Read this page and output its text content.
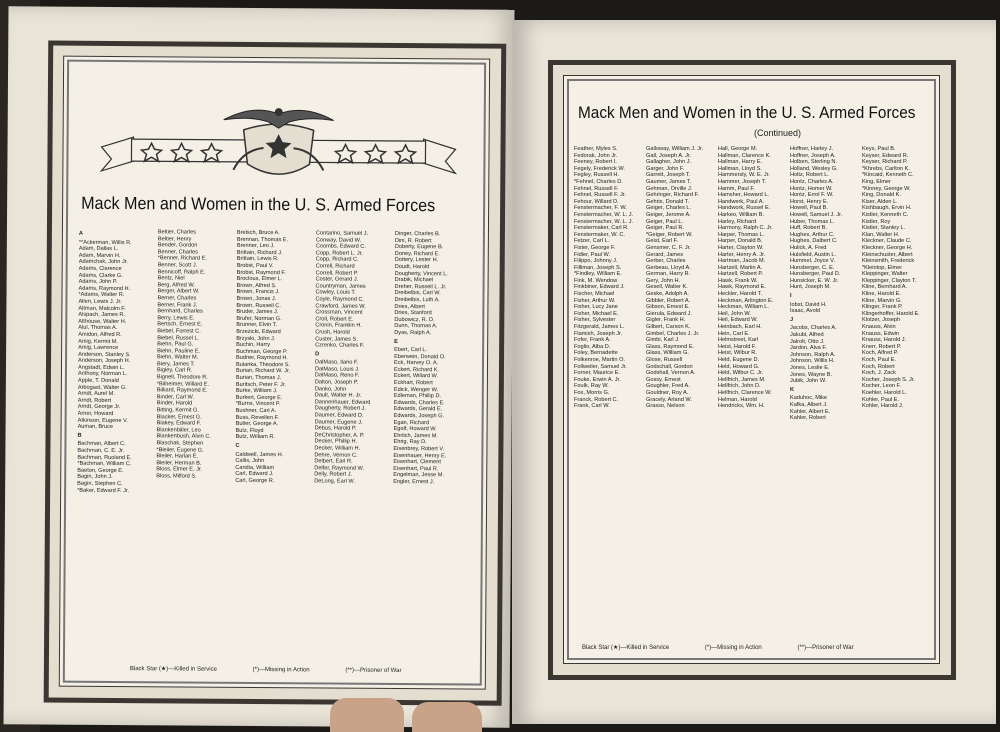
Mack Men and Women in the U. S. Armed Forces
A
**Ackerman, Willis R.
Adam, Dallas L.
Adam, Marvin H.
Adamchak, John Jr.
Adams, Clarence
Adams, Clarke G.
Adams, John P.
Adams, Raymond H.
*Adams, Walter R.
Allen, Lewis J. Jr.
Altman, Malcolm F.
Alspach, James R.
Althouse, Walter H.
Alul, Thomas A.
Amidon, Alfred R.
Amig, Kermit M.
Amig, Lawrence
Anderson, Stanley S.
Anderson, Joseph H.
Angstadt, Edwin L.
Anthony, Norman L.
Apple, T. Donald
Arbogast, Walter G.
Arndt, Aurel M.
Arndt, Robert
Arndt, George Jr.
Arner, Howard
Atkinson, Eugene V.
Auman, Bruce
B
Bachman, Albert C.
Bachman, C. E. Jr.
Bachman, Ruoland E.
*Bachman, William C.
Baeton, George E.
Bagin, John J.
Bagin, Stephen C.
*Baker, Edward F. Jr.
Beltier, Charles
Beltier, Henry
Bender, Gordon
Benner, Charles
*Benner, Richard E.
Benner, Scott J.
Bennicoff, Ralph E.
Bentz, Niel
Berg, Alfred W.
Berger, Albert W.
Berner, Charles
Berner, Frank J.
Bernhard, Charles
Berry, Lewis E.
Bertsch, Ernest E.
Biebel, Forrest C.
Biebel, Russel L.
Biehn, Paul G.
Biehn, Pauline E.
Biehn, Walter M.
Biery, James T.
Bigley, Carl R.
Bignell, Theodore R.
*Bilheimer, Willard E.
Billiard, Raymond E.
Binder, Carl W.
Binder, Harold
Bitting, Kermit G.
Blacker, Ernest G.
Blakey, Edward F.
Blankenbiller, Leo
Blankenbush, Alvin C.
Blaschak, Stephen
*Bleiler, Eugene G.
Bleiler, Harlan E.
Bleiler, Herman B.
Bloss, Elmer E. Jr.
Bloss, Milford S.
Brelsch, Bruce A.
Brennan, Thomas E.
Brenner, Leo J.
Brittain, Richard J.
Brittain, Lewis R.
Brobst, Paul V.
Brobst, Raymond F.
Broclous, Elmer L.
Brown, Alfred S.
Brown, Francis J.
Brown, Jonas J.
Brown, Russell C.
Bruder, James J.
Brufer, Norman G.
Brunner, Elvin T.
Brzezicki, Edward
Brzyski, John J.
Buchin, Harry
Buchman, George P.
Budner, Raymond H.
Bulanka, Theodore S.
Burian, Richard W. Jr.
Burian, Thomas J.
Buritsch, Peter F. Jr.
Burke, William J.
Burkert, George E.
*Burns, Vincent P.
Bushner, Carl A.
Buss, Revellen F.
Butler, George A.
Butz, Floyd
Butz, William R.
C
Caldwell, James H.
Callis, John
Candia, William
Carl, Edward J.
Carl, George R.
Contarino, Samuel J.
Conway, David W.
Coombs, Edward C.
Copp, Robert L. Jr.
Copp, Richard C.
Correll, Richard
Correll, Robert P.
Coster, Gerard J.
Countryman, James
Cowley, Louis T.
Coyle, Raymond C.
Crawford, James W.
Crossman, Vincent
Croll, Robert E.
Cronin, Franklin H.
Crush, Harold
Custer, James S.
Czrenko, Charles F.
D
DalMaso, Ilario F.
DalMaso, Louis J.
DalMaso, Reno F.
Dalton, Joseph P.
Danko, John
Dault, Walter H. Jr.
Dannenhauer, Edward
Daugherty, Robert J.
Daumer, Edward D.
Daumer, Eugene J.
Debus, Harold P.
DeChristopher, A. P.
Decker, Phillip H.
Decker, William H.
Dehre, Vernon C.
Delbert, Earl R.
Delfer, Raymond W.
Delly, Robert J.
DeLong, Earl W.
Dinger, Charles B.
Dini, R. Robert
Doberty, Eugene B.
Doney, Richard E.
Dottery, Lester H.
Doudt, Harold
Dougherty, Vincent L.
Drabik, Michael
Dreher, Russell L. Jr.
Dreibelbis, Carl W.
Dreibelbis, Luth A.
Dries, Albert
Dries, Stanford
Dubowicz, R. D.
Dunn, Thomas A.
Dyas, Ralph A.
E
Ebert, Carl L.
Eberwein, Donald O.
Eck, Harvey O. A.
Eckert, Richard K.
Eckert, Willard W.
Eckhart, Robert
Edick, Wenger W.
Edleman, Phillip D.
Edwards, Charles E.
Edwards, Gerald E.
Edwards, Joseph G.
Egan, Richard
Egolf, Howard W.
Ehrlich, James M.
Ehrig, Ray D.
Eisenbrey, Robert V.
Eisenhauer, Henry E.
Eisenhart, Clement
Eisenhart, Paul R.
Engelman, Jesse M.
Engler, Ernest J.
Black Star (★)—Killed in Service	(*)—Missing in Action	(**)—Prisoner of War
Mack Men and Women in the U. S. Armed Forces
(Continued)
Feather, Myles S.
Fedorak, John Jr.
Feeney, Robert I.
Fegely, Frederick W.
Fegley, Russell H.
*Fehnel, Charles D.
Fehnel, Russell F.
Fehnel, Russell F. Jr.
Fehour, Willard D.
Fenstermacher, F. W.
Fenstermacher, W. L. J.
Fenstermacher, W. L. J.
Fenstermaker, Carl R.
Fenstermaker, W. C.
Fetzer, Carl L.
Fister, George F.
Fidler, Paul W.
Filippo, Johnny J.
Filliman, Joseph S.
*Findley, William E.
Fink, M. Wendow
Finkbiner, Edward J.
Fischer, Michael
Fisher, Arthur W.
Fisher, Lucy Jane
Fisher, Michael E.
Fisher, Sylvester
Fitzgerald, James L.
Flamish, Joseph Jr.
Fofer, Frank A.
Foglio, Alba D.
Foley, Bernadette
Folkenroe, Martin O.
Follweiler, Samuel Jr.
Forner, Maurice E.
Fouke, Erwin A. Jr.
Foulk, Ray W.
Fox, Morris G.
Franck, Robert C.
Frank, Carl W.
Galloway, William J. Jr.
Gall, Joseph A. Jr.
Gallagher, John J.
Garger, John F.
Garrett, Joseph T.
Gaumer, James T.
Gehman, Orville J.
Gehringer, Richard F.
Gehris, Donald T.
Geiger, Charles L.
Geiger, Jerome A.
Geiger, Paul L.
Geiger, Paul R.
*Geiger, Robert W.
Geist, Earl F.
Gensmer, C. F. Jr.
Gerard, James
Gerber, Charles
Gerbeau, Lloyd A.
German, Harry R.
Gery, John H.
Gesell, Walter K.
Geske, Adolph A.
Gibbler, Robert A.
Gibson, Ernest E.
Gierula, Edward J.
Gigler, Frank H.
Gilbert, Carson K.
Gimbel, Charles J. Jr.
Gimbi, Karl J.
Glass, Raymond E.
Glass, William G.
Glose, Russell
Godschall, Gordon
Godshall, Vernon A.
Gossy, Ernest
Goughler, Fred A.
Gouldner, Roy A.
Gracely, Arland W.
Grasso, Nelson
Hall, George M.
Hallman, Clarence K.
Hallman, Harry E.
Hallman, Lloyd S.
Hammersly, W. E. Jr.
Hammer, Joseph T.
Hamm, Paul F.
Hamsher, Howard L.
Handwerk, Paul A.
Handwork, Russel E.
Harkeo, William B.
Harley, Richard
Harmony, Ralph C. Jr.
Harper, Thomas L.
Harper, Donald B.
Harter, Clayton W.
Harter, Henry A. Jr.
Hartman, Jacob M.
Hartzell, Martin A.
Hartzell, Robert P.
Hawk, Frank W.
Hawk, Raymond E.
Heckler, Harold T.
Heckman, Arlington E.
Heckman, William L.
Heil, John W.
Heil, Edward W.
Heinbach, Earl H.
Hein, Carl E.
Helmstreet, Karl
Heist, Harold F.
Heist, Wilbur R.
Held, Eugene D.
Held, Howard G.
Held, Wilbur C. Jr.
Hellfrich, James M.
Hellfrich, John D.
Hellfrich, Clarence W.
Helman, Harold
Hendricks, Wm. H.
Hoffner, Harley J.
Hoffner, Joseph A.
Holben, Sterling N.
Holland, Wesley G.
Holtz, Robert L.
Hontz, Charles A.
Hontz, Homer W.
Hontz, Errol F. W.
Horst, Henry E.
Howell, Paul B.
Howell, Samuel J. Jr.
Huber, Thomas L.
Huff, Robert B.
Hughes, Arthur C.
Hughes, Dalbert C.
Hulick, A. Fred
Hulsfield, Austin L.
Hummel, Joyce V.
Hunsberger, C. E.
Hunsberger, Paul D.
Hunsicker, E. W. Jr.
Hunt, Joseph M.
I
Iobst, David H.
Isaac, Avold
J
Jacobs, Charles A.
Jakubl, Alfred
Jalrolt, Otto J.
Jardon, Alva F.
Johnson, Ralph A.
Johnson, Willis H.
Jones, Leslie E.
Jones, Wayne B.
Jubik, John W.
K
Kaduhoc, Mike
Kafka, Albert J.
Kahler, Albert E.
Kahler, Robert
Keys, Paul B.
Keyser, Edward R.
Keyser, Richard P.
*Khrebs, Carlton K.
*Kincaid, Kenneth C.
King, Elmer
*Kinney, George W.
King, Donald K.
Kiser, Alden L.
Kishbaugh, Ervin H.
Kistler, Kenneth C.
Kistler, Roy
Kistler, Stanley L.
Klan, Walter H.
Kleckner, Claude C.
Kleckner, George H.
Kleinschuster, Albert
Kleinsmith, Frederick
*Kleintop, Elmer
Kleppinger, Walter
Kleppinger, Clayton T.
Kline, Bernhard A.
Kline, Harold E.
Kline, Marvin G.
Klinger, Frank P.
Klingerhoffer, Harold E.
Klotzer, Joseph
Knauss, Alvin
Knauss, Edwin
Knauss, Harold J.
Knerr, Robert P.
Koch, Alfred P.
Koch, Paul E.
Koch, Robert
Koch, J. Zack
Kocher, Joseph S. Jr.
Kocher, Leon F.
Koehler, Harold L.
Kohler, Paul E.
Kohler, Harold J.
Black Star (★)—Killed in Service	(*)—Missing in Action	(**)—Prisoner of War
